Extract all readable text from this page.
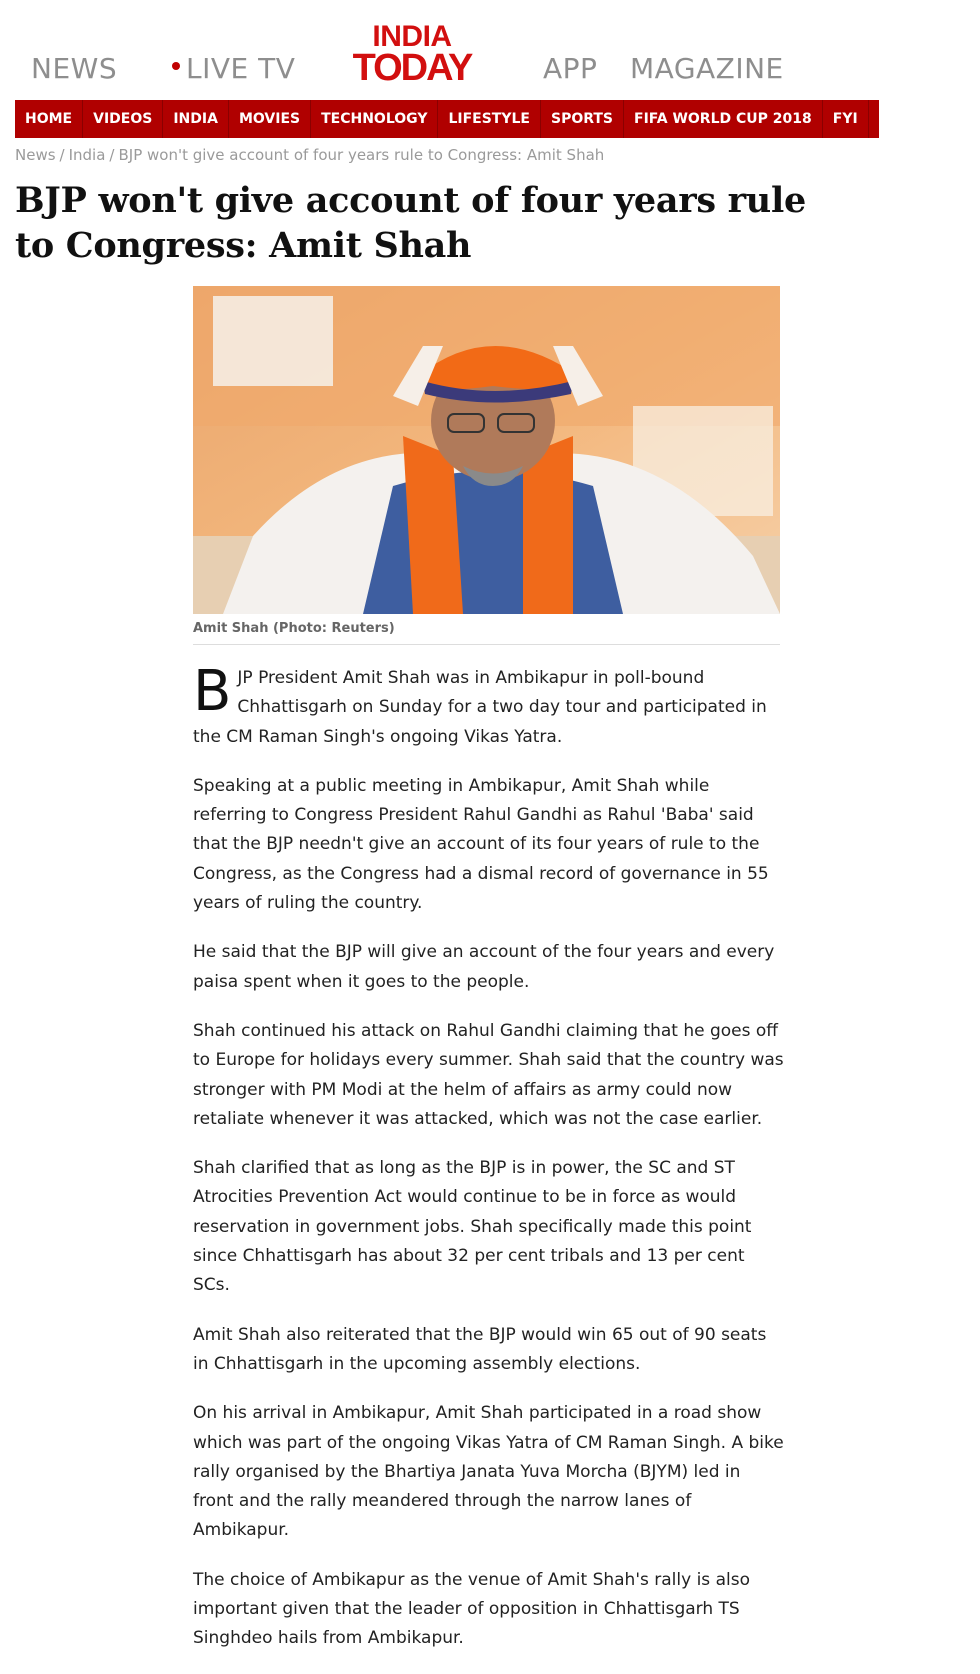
NEWS	LIVE TV
INDIA
TODAY	APP MAGAZINE
HOME	VIDEOS	INDIA	MOVIES	TECHNOLOGY	LIFESTYLE	SPORTS	FIFA WORLD CUP 2018	FYI	EDUCATION
News / India / BJP won't give account of four years rule to Congress: Amit Shah
BJP won't give account of four years rule to Congress: Amit Shah
Amit Shah (Photo: Reuters)

BJP President Amit Shah was in Ambikapur in poll-bound Chhattisgarh on Sunday for a two day tour and participated in the CM Raman Singh's ongoing Vikas Yatra.

Speaking at a public meeting in Ambikapur, Amit Shah while referring to Congress President Rahul Gandhi as Rahul 'Baba' said that the BJP needn't give an account of its four years of rule to the Congress, as the Congress had a dismal record of governance in 55 years of ruling the country.

He said that the BJP will give an account of the four years and every paisa spent when it goes to the people.

Shah continued his attack on Rahul Gandhi claiming that he goes off to Europe for holidays every summer. Shah said that the country was stronger with PM Modi at the helm of affairs as army could now retaliate whenever it was attacked, which was not the case earlier.

Shah clarified that as long as the BJP is in power, the SC and ST Atrocities Prevention Act would continue to be in force as would reservation in government jobs. Shah specifically made this point since Chhattisgarh has about 32 per cent tribals and 13 per cent SCs.

Amit Shah also reiterated that the BJP would win 65 out of 90 seats in Chhattisgarh in the upcoming assembly elections.

On his arrival in Ambikapur, Amit Shah participated in a road show which was part of the ongoing Vikas Yatra of CM Raman Singh. A bike rally organised by the Bhartiya Janata Yuva Morcha (BJYM) led in front and the rally meandered through the narrow lanes of Ambikapur.

The choice of Ambikapur as the venue of Amit Shah's rally is also important given that the leader of opposition in Chhattisgarh TS Singhdeo hails from Ambikapur.
